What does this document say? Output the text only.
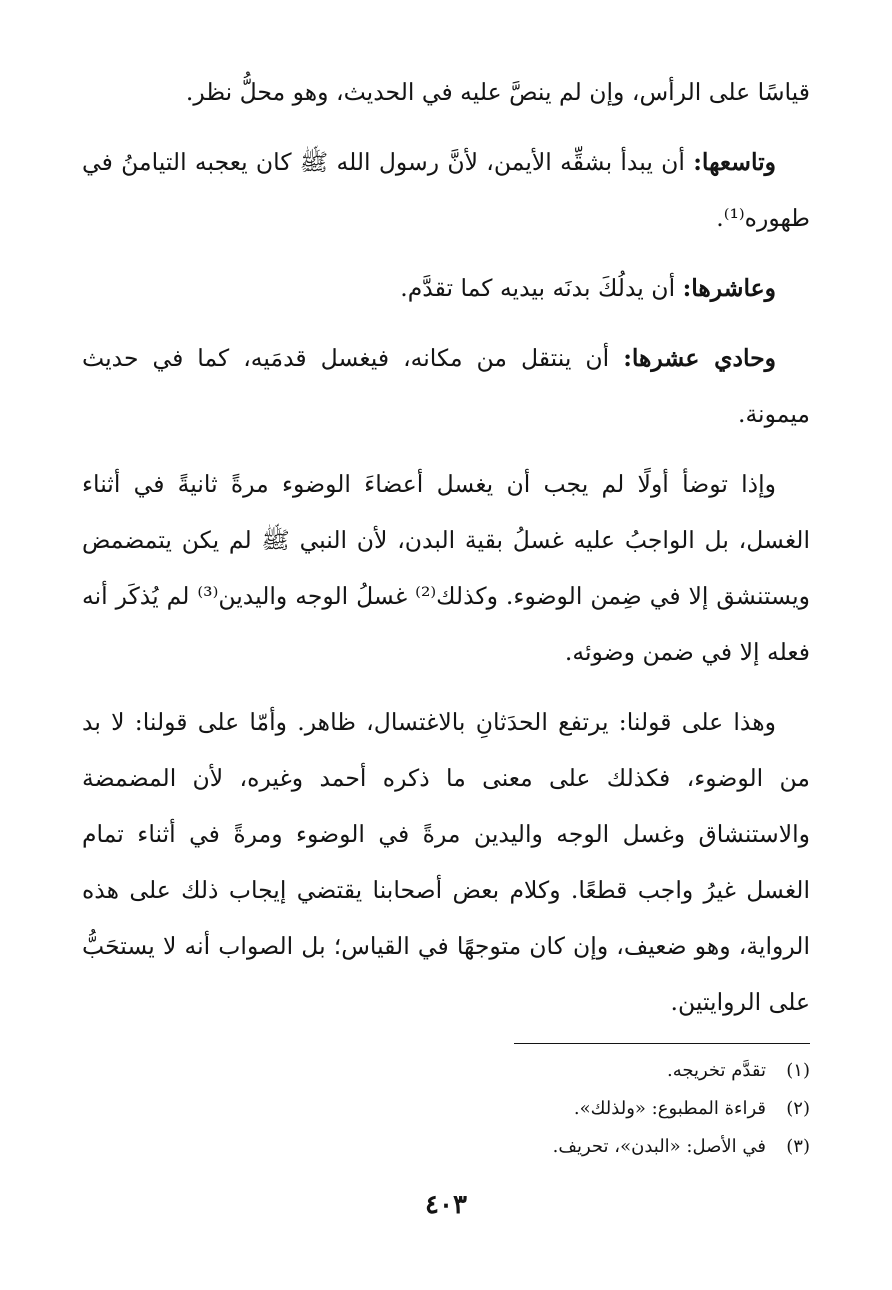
قياسًا على الرأس، وإن لم ينصَّ عليه في الحديث، وهو محلُّ نظر.

وتاسعها: أن يبدأ بشقِّه الأيمن، لأنَّ رسول الله ﷺ كان يعجبه التيامنُ في طهوره⁽¹⁾.

وعاشرها: أن يدلُكَ بدنَه بيديه كما تقدَّم.

وحادي عشرها: أن ينتقل من مكانه، فيغسل قدمَيه، كما في حديث ميمونة.

وإذا توضأ أولًا لم يجب أن يغسل أعضاءَ الوضوء مرةً ثانيةً في أثناء الغسل، بل الواجبُ عليه غسلُ بقية البدن، لأن النبي ﷺ لم يكن يتمضمض ويستنشق إلا في ضِمن الوضوء. وكذلك⁽²⁾ غسلُ الوجه واليدين⁽³⁾ لم يُذكَر أنه فعله إلا في ضمن وضوئه.

وهذا على قولنا: يرتفع الحدَثانِ بالاغتسال، ظاهر. وأمّا على قولنا: لا بد من الوضوء، فكذلك على معنى ما ذكره أحمد وغيره، لأن المضمضة والاستنشاق وغسل الوجه واليدين مرةً في الوضوء ومرةً في أثناء تمام الغسل غيرُ واجب قطعًا. وكلام بعض أصحابنا يقتضي إيجاب ذلك على هذه الرواية، وهو ضعيف، وإن كان متوجهًا في القياس؛ بل الصواب أنه لا يستحَبُّ على الروايتين.

(١)تقدَّم تخريجه.
(٢)قراءة المطبوع: «ولذلك».
(٣)في الأصل: «البدن»، تحريف.
٤٠٣
